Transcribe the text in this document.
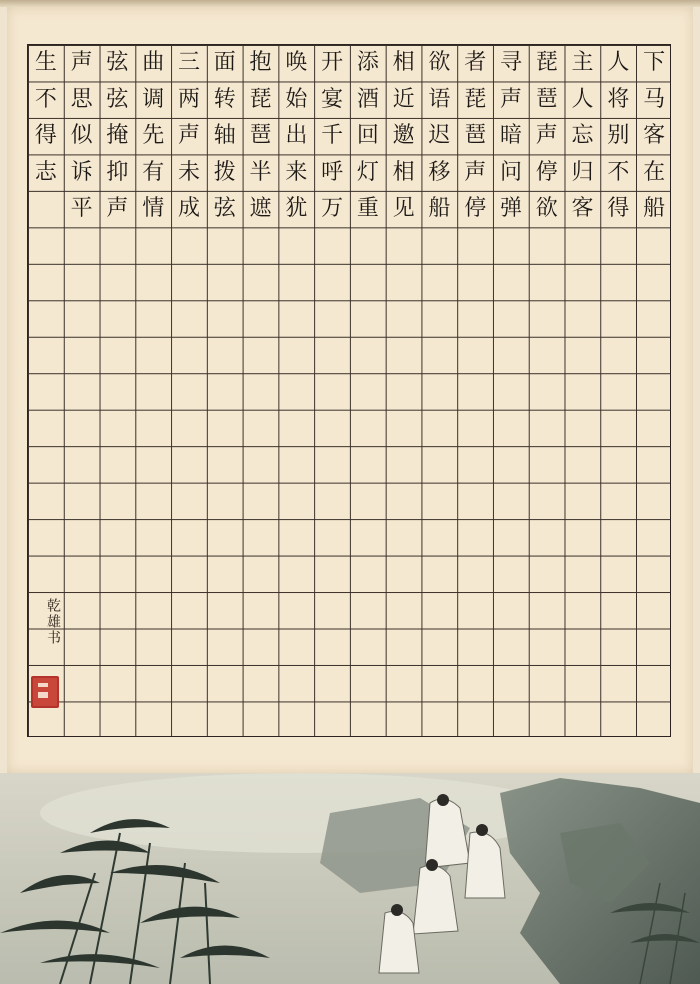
下
马
客
在
船
人
将
别
不
得
主
人
忘
归
客
琵
琶
声
停
欲
寻
声
暗
问
弹
者
琵
琶
声
停
欲
语
迟
移
船
相
近
邀
相
见
添
酒
回
灯
重
开
宴
千
呼
万
唤
始
出
来
犹
抱
琵
琶
半
遮
面
转
轴
拨
弦
三
两
声
未
成
曲
调
先
有
情
弦
弦
掩
抑
声
声
思
似
诉
平
生
不
得
志
乾雄书
